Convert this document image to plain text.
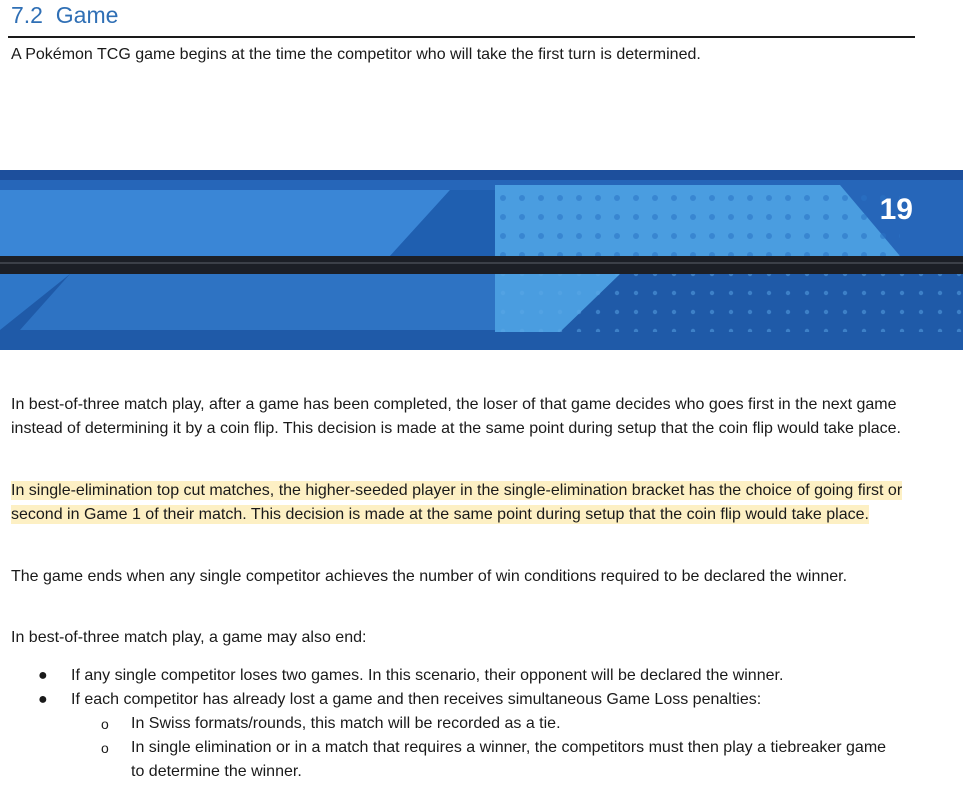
7.2 Game
A Pokémon TCG game begins at the time the competitor who will take the first turn is determined.
19

In best-of-three match play, after a game has been completed, the loser of that game decides who goes first in the next game instead of determining it by a coin flip. This decision is made at the same point during setup that the coin flip would take place.

In single-elimination top cut matches, the higher-seeded player in the single-elimination bracket has the choice of going first or second in Game 1 of their match. This decision is made at the same point during setup that the coin flip would take place.

The game ends when any single competitor achieves the number of win conditions required to be declared the winner.

In best-of-three match play, a game may also end:

● If any single competitor loses two games. In this scenario, their opponent will be declared the winner.
● If each competitor has already lost a game and then receives simultaneous Game Loss penalties:
o In Swiss formats/rounds, this match will be recorded as a tie.
o In single elimination or in a match that requires a winner, the competitors must then play a tiebreaker game to determine the winner.
